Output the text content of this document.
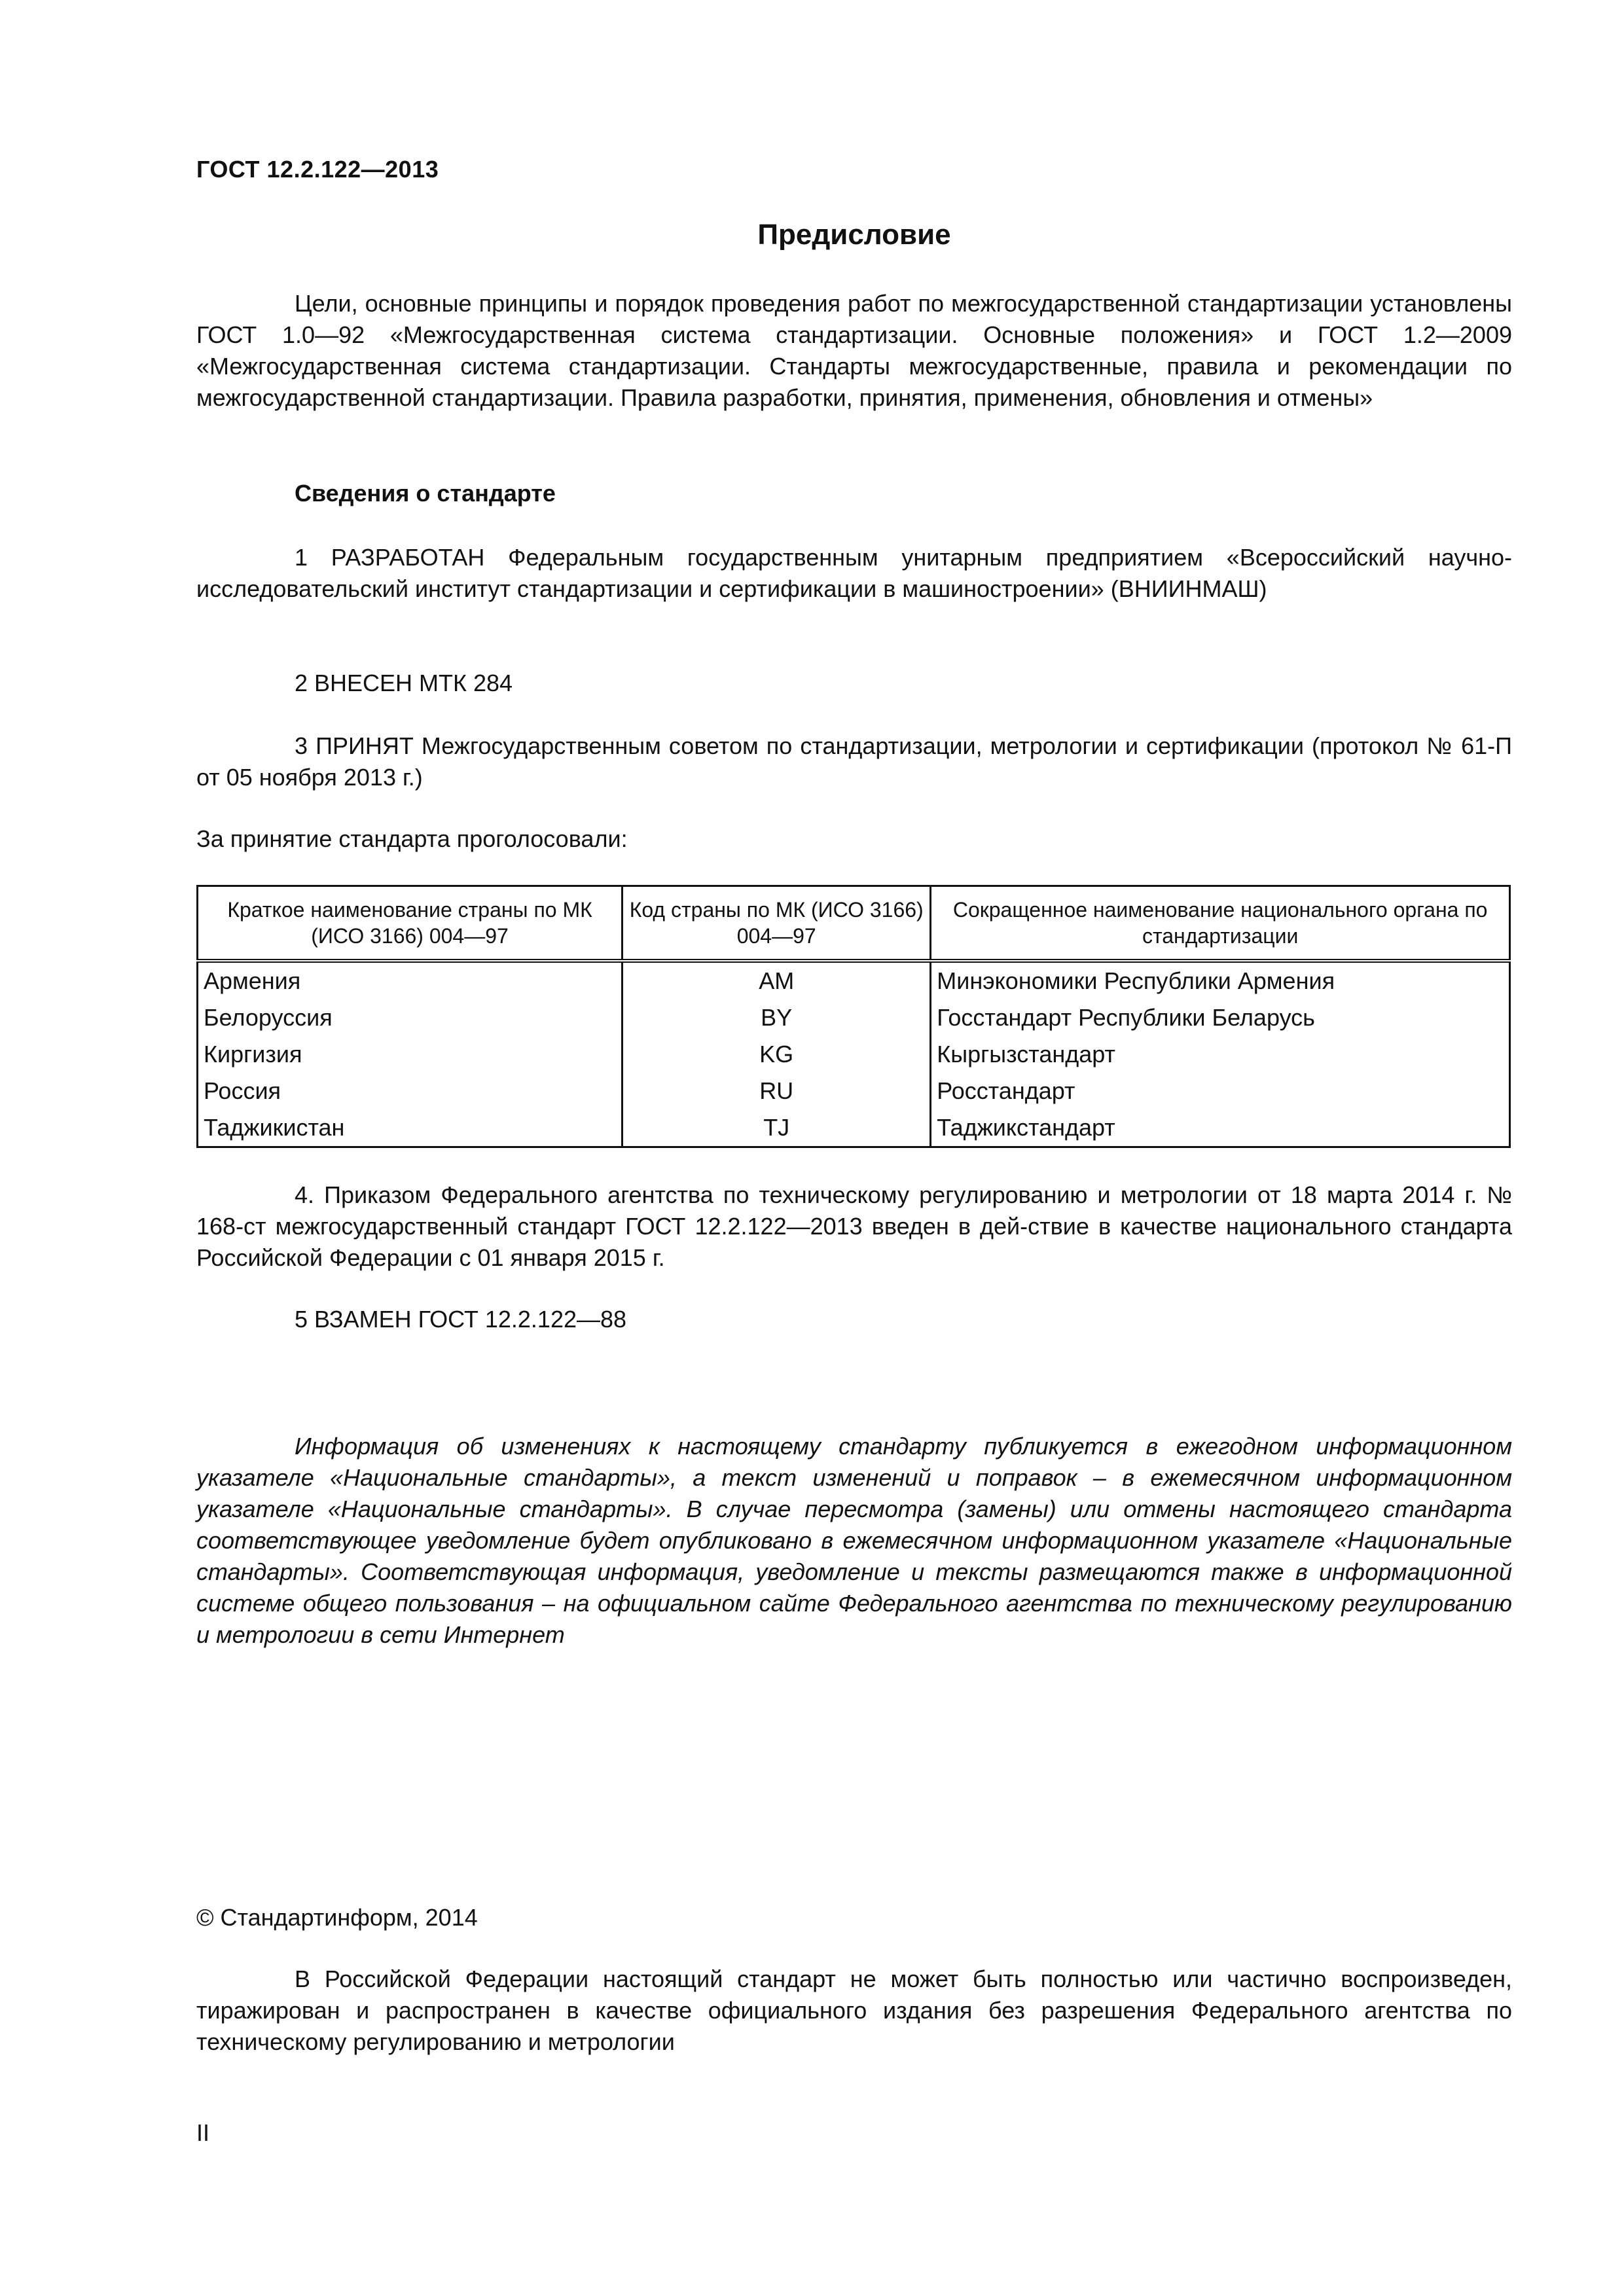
ГОСТ 12.2.122—2013
Предисловие

Цели, основные принципы и порядок проведения работ по межгосударственной стандартизации установлены ГОСТ 1.0—92 «Межгосударственная система стандартизации. Основные положения» и ГОСТ 1.2—2009 «Межгосударственная система стандартизации. Стандарты межгосударственные, правила и рекомендации по межгосударственной стандартизации. Правила разработки, принятия, применения, обновления и отмены»

Сведения о стандарте

1 РАЗРАБОТАН Федеральным государственным унитарным предприятием «Всероссийский научно-исследовательский институт стандартизации и сертификации в машиностроении» (ВНИИНМАШ)

2 ВНЕСЕН МТК 284

3 ПРИНЯТ Межгосударственным советом по стандартизации, метрологии и сертификации (протокол № 61-П от 05 ноября 2013 г.)

За принятие стандарта проголосовали:

Краткое наименование страны по МК (ИСО 3166) 004—97	Код страны по МК (ИСО 3166) 004—97	Сокращенное наименование национального органа по стандартизации
Армения	AM	Минэкономики Республики Армения
Белоруссия	BY	Госстандарт Республики Беларусь
Киргизия	KG	Кыргызстандарт
Россия	RU	Росстандарт
Таджикистан	TJ	Таджикстандарт

4. Приказом Федерального агентства по техническому регулированию и метрологии от 18 марта 2014 г. № 168-ст межгосударственный стандарт ГОСТ 12.2.122—2013 введен в дей-ствие в качестве национального стандарта Российской Федерации с 01 января 2015 г.

5 ВЗАМЕН ГОСТ 12.2.122—88

Информация об изменениях к настоящему стандарту публикуется в ежегодном информационном указателе «Национальные стандарты», а текст изменений и поправок – в ежемесячном информационном указателе «Национальные стандарты». В случае пересмотра (замены) или отмены настоящего стандарта соответствующее уведомление будет опубликовано в ежемесячном информационном указателе «Национальные стандарты». Соответствующая информация, уведомление и тексты размещаются также в информационной системе общего пользования – на официальном сайте Федерального агентства по техническому регулированию и метрологии в сети Интернет

© Стандартинформ, 2014

В Российской Федерации настоящий стандарт не может быть полностью или частично воспроизведен, тиражирован и распространен в качестве официального издания без разрешения Федерального агентства по техническому регулированию и метрологии

II
